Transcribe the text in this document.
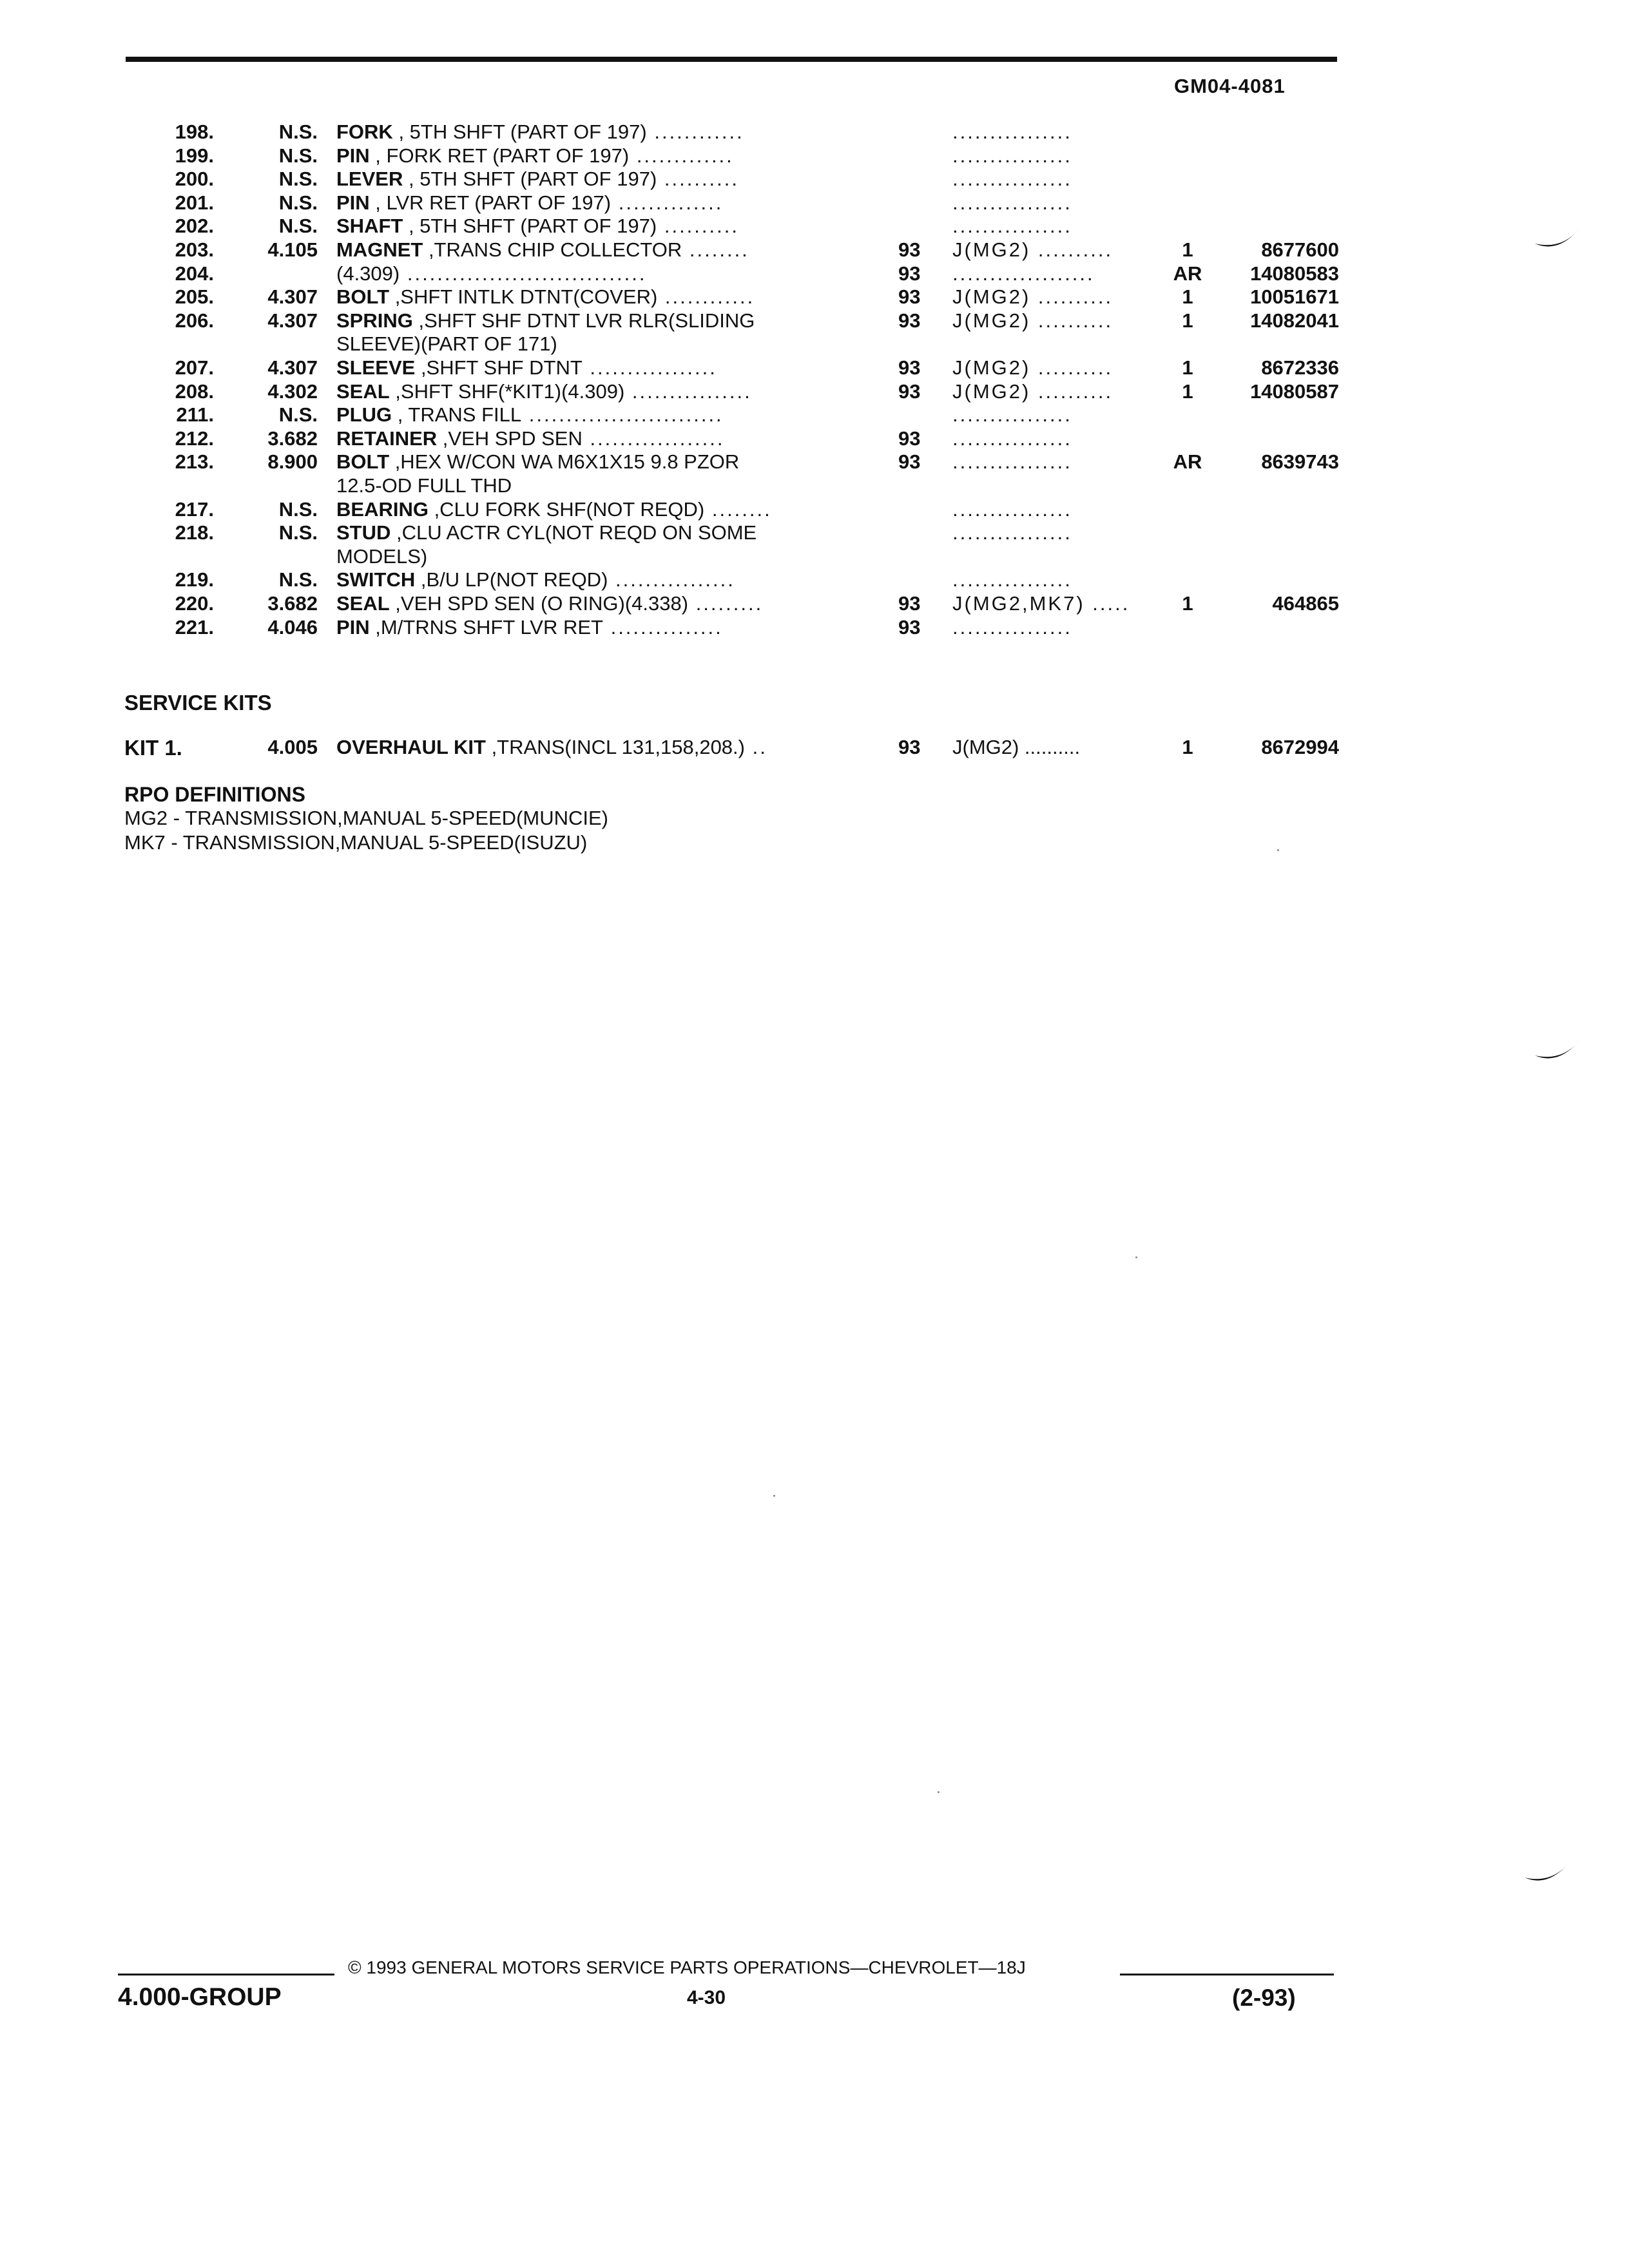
GM04-4081
198.	N.S. FORK , 5TH SHFT (PART OF 197) ............	................
199.	N.S. PIN , FORK RET (PART OF 197) .............	................
200.	N.S. LEVER , 5TH SHFT (PART OF 197) ..........	................
201.	N.S. PIN , LVR RET (PART OF 197) ..............	................
202.	N.S. SHAFT , 5TH SHFT (PART OF 197) ..........	................
203.	4.105 MAGNET ,TRANS CHIP COLLECTOR ........	93 J(MG2) ..........	1	8677600
204.	(4.309) ................................	93 ...................	AR	14080583
205.	4.307 BOLT ,SHFT INTLK DTNT(COVER) ............	93 J(MG2) ..........	1	10051671
206.	4.307 SPRING ,SHFT SHF DTNT LVR RLR(SLIDING	93 J(MG2) ..........	1	14082041
SLEEVE)(PART OF 171)
207.	4.307 SLEEVE ,SHFT SHF DTNT .................	93 J(MG2) ..........	1	8672336
208.	4.302 SEAL ,SHFT SHF(*KIT1)(4.309) ................	93 J(MG2) ..........	1	14080587
211.	N.S. PLUG , TRANS FILL ..........................	................
212.	3.682 RETAINER ,VEH SPD SEN ..................	93 ................
213.	8.900 BOLT ,HEX W/CON WA M6X1X15 9.8 PZOR	93 ................	AR	8639743
12.5-OD FULL THD
217.	N.S. BEARING ,CLU FORK SHF(NOT REQD) ........	................
218.	N.S. STUD ,CLU ACTR CYL(NOT REQD ON SOME	................
MODELS)
219.	N.S. SWITCH ,B/U LP(NOT REQD) ................	................
220.	3.682 SEAL ,VEH SPD SEN (O RING)(4.338) .........	93 J(MG2,MK7) .....	1	464865
221.	4.046 PIN ,M/TRNS SHFT LVR RET ...............	93 ................
SERVICE KITS
KIT 1.	4.005 OVERHAUL KIT ,TRANS(INCL 131,158,208.) ..	93 J(MG2) ..........	1	8672994
RPO DEFINITIONS
MG2 - TRANSMISSION,MANUAL 5-SPEED(MUNCIE)
MK7 - TRANSMISSION,MANUAL 5-SPEED(ISUZU)
© 1993 GENERAL MOTORS SERVICE PARTS OPERATIONS—CHEVROLET—18J
4.000-GROUP	4-30	(2-93)
